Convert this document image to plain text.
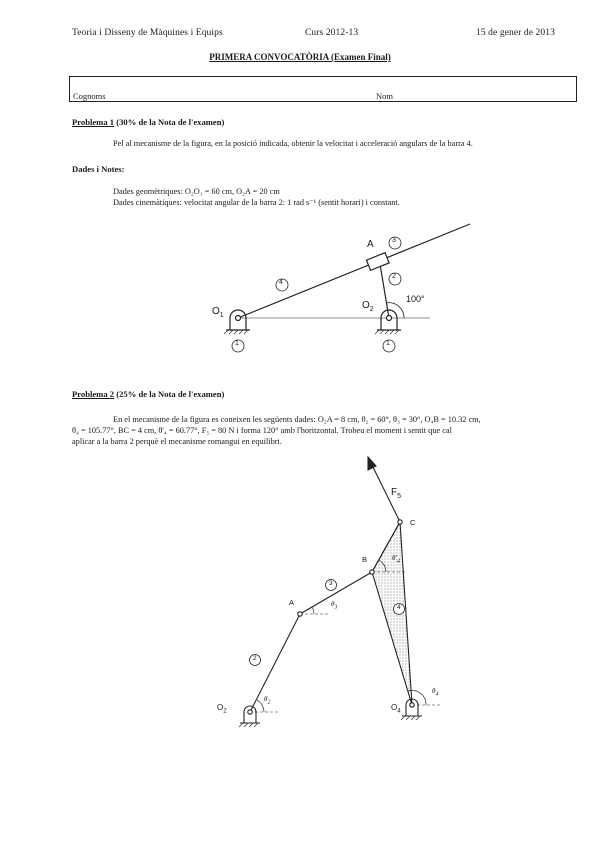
Teoria i Disseny de Màquines i Equips	Curs 2012-13	15 de gener de 2013
PRIMERA CONVOCATÒRIA (Examen Final)
Cognoms	Nom
Problema 1 (30% de la Nota de l'examen)
Pel al mecanisme de la figura, en la posició indicada, obtenir la velocitat i acceleració angulars de la barra 4.
Dades i Notes:
Dades geomètriques: O₂O₁ = 60 cm, O₂A = 20 cm
Dades cinemàtiques: velocitat angular de la barra 2: 1 rad s⁻¹ (sentit horari) i constant.
A
$O_1$
$O_2$
100°
4
2
3
1	1
Problema 2 (25% de la Nota de l'examen)
En el mecanisme de la figura es coneixen les següents dades: O₂A = 8 cm, θ₂ = 60°, θ₃ = 30°, O₄B = 10.32 cm,
θ₄ = 105.77°, BC = 4 cm, θ'₄ = 60.77°, F₅ = 80 N i forma 120° amb l'horitzontal. Trobeu el moment i sentit que cal
aplicar a la barra 2 perquè el mecanisme romangui en equilibri.
$F_5$
C
B
A
$O_2$	$O_4$
2
3
4
$\theta_2$
$\theta_3$
$\theta_4$
$\theta'_4$
